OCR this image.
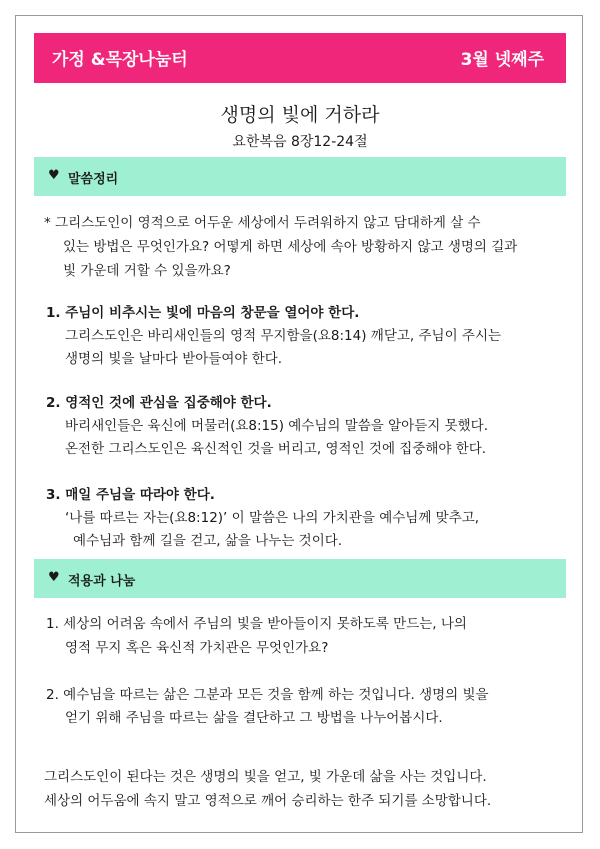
가정 &목장나눔터	3월 넷째주
생명의 빛에 거하라
요한복음 8장12-24절
♥ 말씀정리
* 그리스도인이 영적으로 어두운 세상에서 두려워하지 않고 담대하게 살 수
있는 방법은 무엇인가요? 어떻게 하면 세상에 속아 방황하지 않고 생명의 길과
빛 가운데 거할 수 있을까요?
1. 주님이 비추시는 빛에 마음의 창문을 열어야 한다.
그리스도인은 바리새인들의 영적 무지함을(요8:14) 깨닫고, 주님이 주시는
생명의 빛을 날마다 받아들여야 한다.
2. 영적인 것에 관심을 집중해야 한다.
바리새인들은 육신에 머물러(요8:15) 예수님의 말씀을 알아듣지 못했다.
온전한 그리스도인은 육신적인 것을 버리고, 영적인 것에 집중해야 한다.
3. 매일 주님을 따라야 한다.
‘나를 따르는 자는(요8:12)’ 이 말씀은 나의 가치관을 예수님께 맞추고,
예수님과 함께 길을 걷고, 삶을 나누는 것이다.
♥ 적용과 나눔
1. 세상의 어려움 속에서 주님의 빛을 받아들이지 못하도록 만드는, 나의
영적 무지 혹은 육신적 가치관은 무엇인가요?
2. 예수님을 따르는 삶은 그분과 모든 것을 함께 하는 것입니다. 생명의 빛을
얻기 위해 주님을 따르는 삶을 결단하고 그 방법을 나누어봅시다.
그리스도인이 된다는 것은 생명의 빛을 얻고, 빛 가운데 삶을 사는 것입니다.
세상의 어두움에 속지 말고 영적으로 깨어 승리하는 한주 되기를 소망합니다.
